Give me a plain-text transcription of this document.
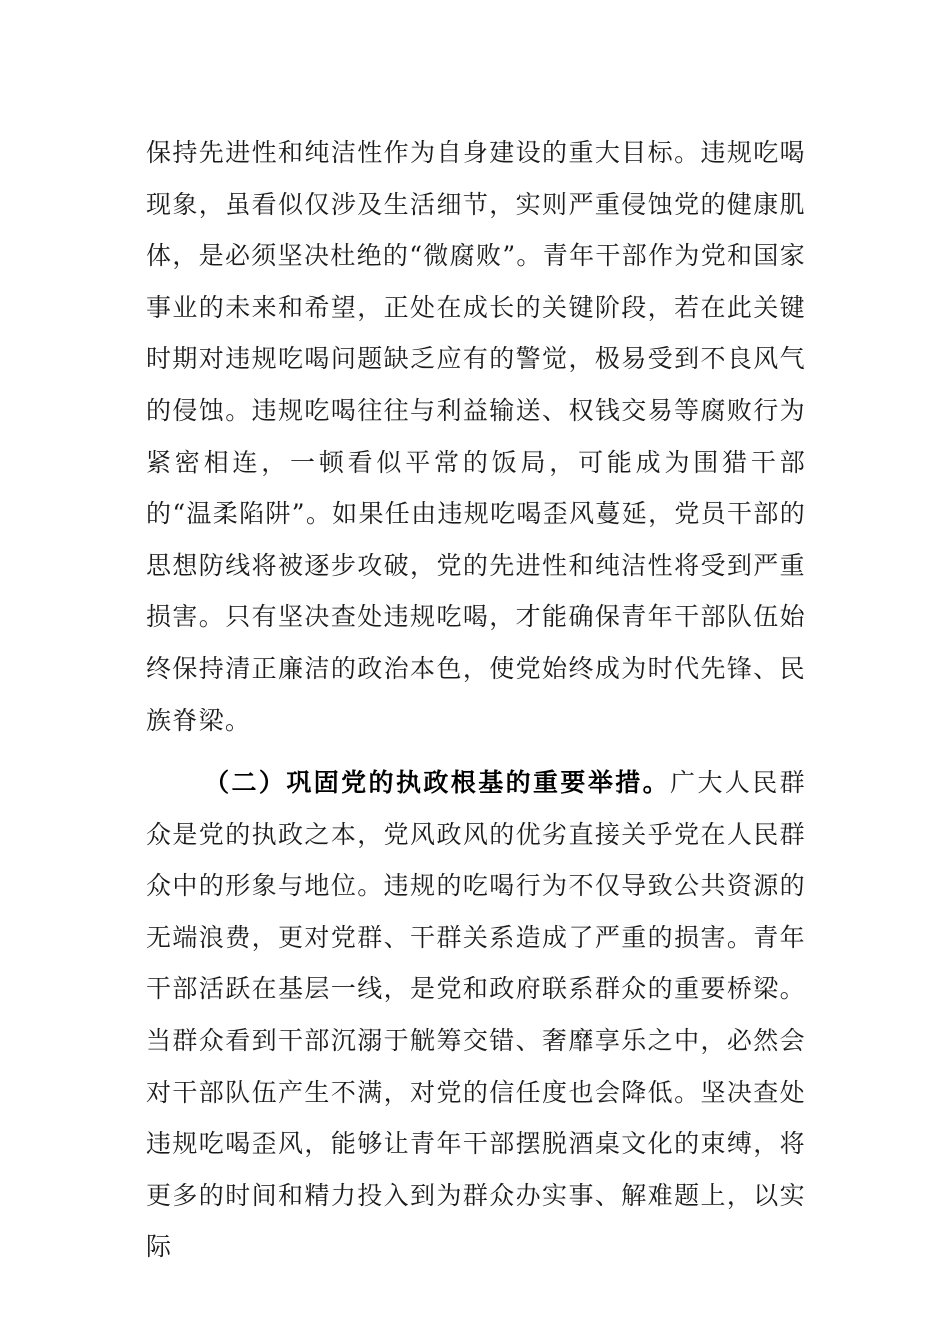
保持先进性和纯洁性作为自身建设的重大目标。违规吃喝现象，虽看似仅涉及生活细节，实则严重侵蚀党的健康肌体，是必须坚决杜绝的“微腐败”。青年干部作为党和国家事业的未来和希望，正处在成长的关键阶段，若在此关键时期对违规吃喝问题缺乏应有的警觉，极易受到不良风气的侵蚀。违规吃喝往往与利益输送、权钱交易等腐败行为紧密相连，一顿看似平常的饭局，可能成为围猎干部的“温柔陷阱”。如果任由违规吃喝歪风蔓延，党员干部的思想防线将被逐步攻破，党的先进性和纯洁性将受到严重损害。只有坚决查处违规吃喝，才能确保青年干部队伍始终保持清正廉洁的政治本色，使党始终成为时代先锋、民族脊梁。

（二）巩固党的执政根基的重要举措。广大人民群众是党的执政之本，党风政风的优劣直接关乎党在人民群众中的形象与地位。违规的吃喝行为不仅导致公共资源的无端浪费，更对党群、干群关系造成了严重的损害。青年干部活跃在基层一线，是党和政府联系群众的重要桥梁。当群众看到干部沉溺于觥筹交错、奢靡享乐之中，必然会对干部队伍产生不满，对党的信任度也会降低。坚决查处违规吃喝歪风，能够让青年干部摆脱酒桌文化的束缚，将更多的时间和精力投入到为群众办实事、解难题上，以实际
